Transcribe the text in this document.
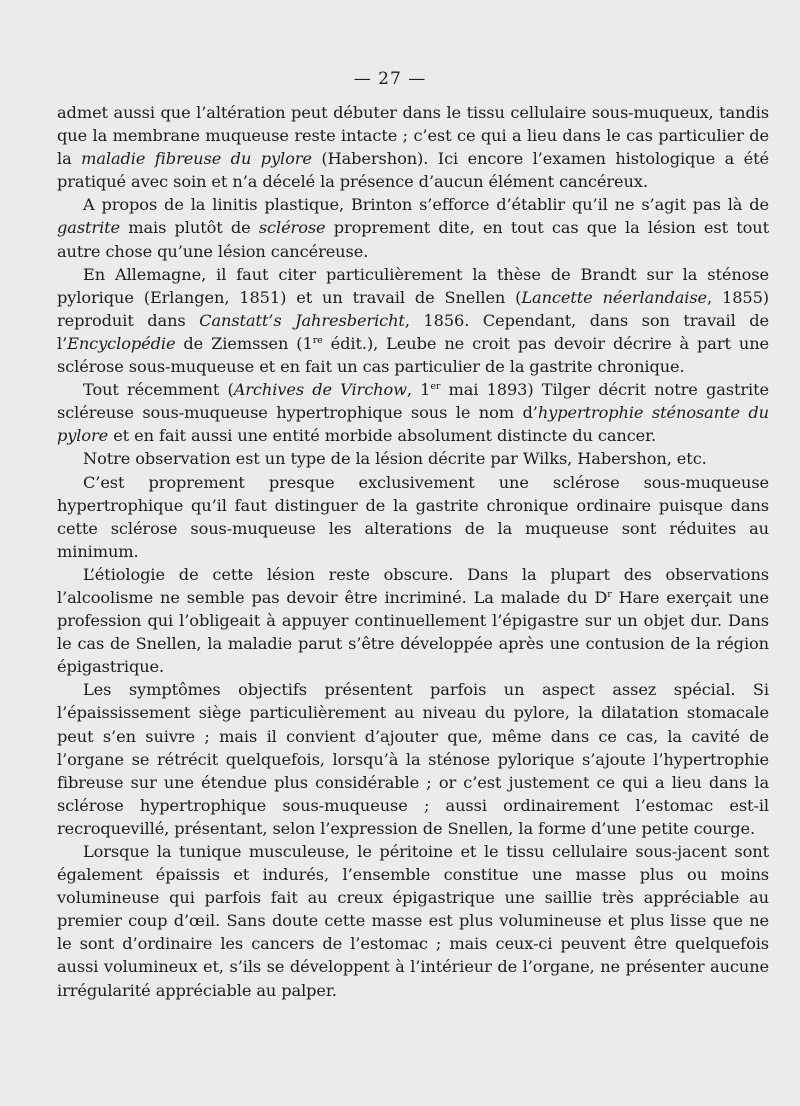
— 27 —

admet aussi que l’altération peut débuter dans le tissu cellulaire sous-muqueux, tandis que la membrane muqueuse reste intacte ; c’est ce qui a lieu dans le cas particulier de la maladie fibreuse du pylore (Habershon). Ici encore l’examen histologique a été pratiqué avec soin et n’a décelé la présence d’aucun élément cancéreux.

A propos de la linitis plastique, Brinton s’efforce d’établir qu’il ne s’agit pas là de gastrite mais plutôt de sclérose proprement dite, en tout cas que la lésion est tout autre chose qu’une lésion cancéreuse.

En Allemagne, il faut citer particulièrement la thèse de Brandt sur la sténose pylorique (Erlangen, 1851) et un travail de Snellen (Lancette néerlandaise, 1855) reproduit dans Canstatt’s Jahresbericht, 1856. Cependant, dans son travail de l’Encyclopédie de Ziemssen (1re édit.), Leube ne croit pas devoir décrire à part une sclérose sous-muqueuse et en fait un cas particulier de la gastrite chronique.

Tout récemment (Archives de Virchow, 1er mai 1893) Tilger décrit notre gastrite scléreuse sous-muqueuse hypertrophique sous le nom d’hypertrophie sténosante du pylore et en fait aussi une entité morbide absolument distincte du cancer.

Notre observation est un type de la lésion décrite par Wilks, Habershon, etc.

C’est proprement presque exclusivement une sclérose sous-muqueuse hypertrophique qu’il faut distinguer de la gastrite chronique ordinaire puisque dans cette sclérose sous-muqueuse les alterations de la muqueuse sont réduites au minimum.

L’étiologie de cette lésion reste obscure. Dans la plupart des observations l’alcoolisme ne semble pas devoir être incriminé. La malade du $D^r$ Hare exerçait une profession qui l’obligeait à appuyer continuellement l’épigastre sur un objet dur. Dans le cas de Snellen, la maladie parut s’être développée après une contusion de la région épigastrique.

Les symptômes objectifs présentent parfois un aspect assez spécial. Si l’épaississement siège particulièrement au niveau du pylore, la dilatation stomacale peut s’en suivre ; mais il convient d’ajouter que, même dans ce cas, la cavité de l’organe se rétrécit quelquefois, lorsqu’à la sténose pylorique s’ajoute l’hypertrophie fibreuse sur une étendue plus considérable ; or c’est justement ce qui a lieu dans la sclérose hypertrophique sous-muqueuse ; aussi ordinairement l’estomac est-il recroquevillé, présentant, selon l’expression de Snellen, la forme d’une petite courge.

Lorsque la tunique musculeuse, le péritoine et le tissu cellulaire sous-jacent sont également épaissis et indurés, l’ensemble constitue une masse plus ou moins volumineuse qui parfois fait au creux épigastrique une saillie très appréciable au premier coup d’œil. Sans doute cette masse est plus volumineuse et plus lisse que ne le sont d’ordinaire les cancers de l’estomac ; mais ceux-ci peuvent être quelquefois aussi volumineux et, s’ils se développent à l’intérieur de l’organe, ne présenter aucune irrégularité appréciable au palper.
